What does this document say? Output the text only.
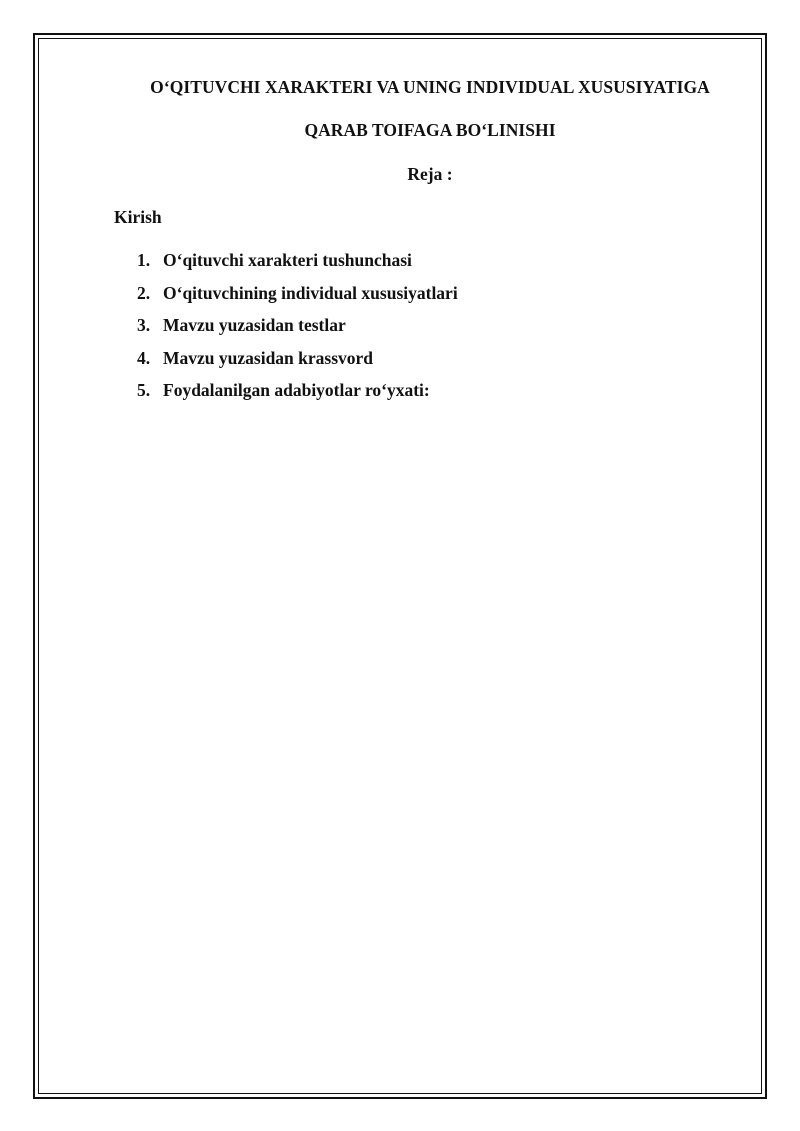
O‘QITUVCHI XARAKTERI VA UNING INDIVIDUAL XUSUSIYATIGA
QARAB TOIFAGA BO‘LINISHI
Reja :
Kirish
1. O‘qituvchi xarakteri tushunchasi
2. O‘qituvchining individual xususiyatlari
3. Mavzu yuzasidan testlar
4. Mavzu yuzasidan krassvord
5. Foydalanilgan adabiyotlar ro‘yxati:
